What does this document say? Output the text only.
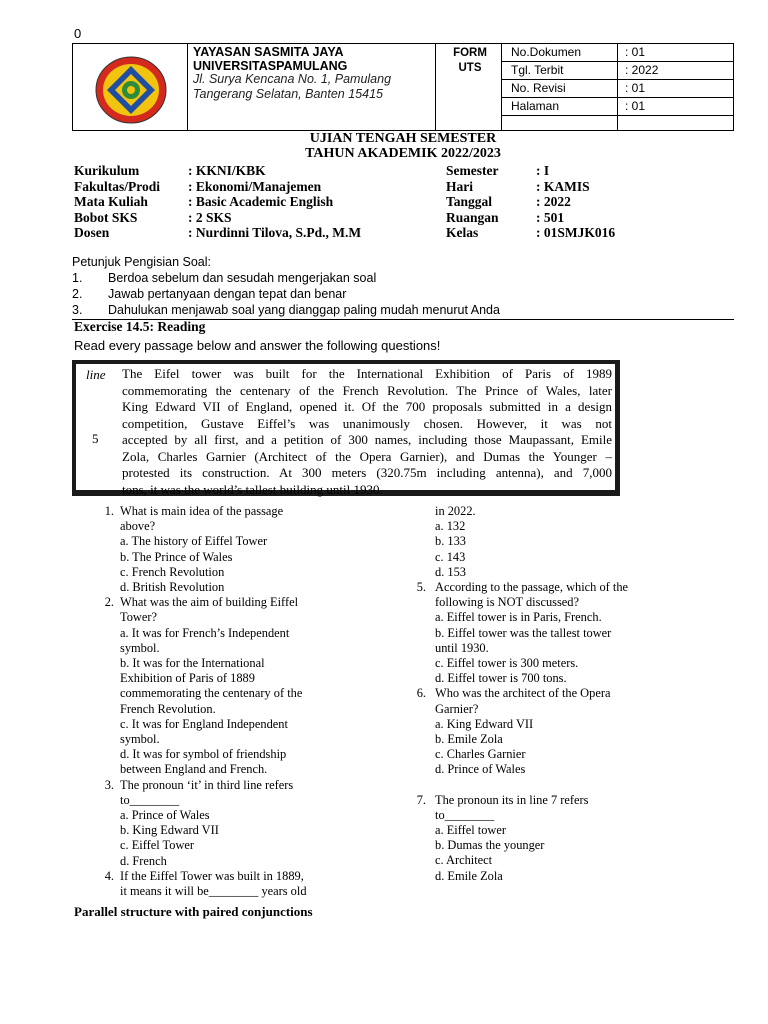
0
YAYASAN SASMITA JAYA
UNIVERSITASPAMULANG
Jl. Surya Kencana No. 1, Pamulang
Tangerang Selatan, Banten 15415
FORM
UTS
No.Dokumen	: 01
Tgl. Terbit	: 2022
No. Revisi	: 01
Halaman	: 01
UJIAN TENGAH SEMESTER
TAHUN AKADEMIK 2022/2023
Kurikulum	: KKNI/KBK
Fakultas/Prodi : Ekonomi/Manajemen
Mata Kuliah	: Basic Academic English
Bobot SKS	: 2 SKS
Dosen	: Nurdinni Tilova, S.Pd., M.M
Semester	: I
Hari	: KAMIS
Tanggal	: 2022
Ruangan	: 501
Kelas	: 01SMJK016
Petunjuk Pengisian Soal:
1. Berdoa sebelum dan sesudah mengerjakan soal
2. Jawab pertanyaan dengan tepat dan benar
3. Dahulukan menjawab soal yang dianggap paling mudah menurut Anda
Exercise 14.5: Reading
Read every passage below and answer the following questions!
line
5
The Eifel tower was built for the International Exhibition of Paris of 1989
commemorating the centenary of the French Revolution. The Prince of Wales, later
King Edward VII of England, opened it. Of the 700 proposals submitted in a design
competition, Gustave Eiffel’s was unanimously chosen. However, it was not
accepted by all first, and a petition of 300 names, including those Maupassant, Emile
Zola, Charles Garnier (Architect of the Opera Garnier), and Dumas the Younger –
protested its construction. At 300 meters (320.75m including antenna), and 7,000
tons, it was the world’s tallest building until 1930.
1. What is main idea of the passage
above?
a. The history of Eiffel Tower
b. The Prince of Wales
c. French Revolution
d. British Revolution
2. What was the aim of building Eiffel
Tower?
a. It was for French’s Independent
symbol.
b. It was for the International
Exhibition of Paris of 1889
commemorating the centenary of the
French Revolution.
c. It was for England Independent
symbol.
d. It was for symbol of friendship
between England and French.
3. The pronoun ‘it’ in third line refers
to________
a. Prince of Wales
b. King Edward VII
c. Eiffel Tower
d. French
4. If the Eiffel Tower was built in 1889,
it means it will be________ years old
in 2022.
a. 132
b. 133
c. 143
d. 153
5. According to the passage, which of the
following is NOT discussed?
a. Eiffel tower is in Paris, French.
b. Eiffel tower was the tallest tower
until 1930.
c. Eiffel tower is 300 meters.
d. Eiffel tower is 700 tons.
6. Who was the architect of the Opera
Garnier?
a. King Edward VII
b. Emile Zola
c. Charles Garnier
d. Prince of Wales
7. The pronoun its in line 7 refers
to________
a. Eiffel tower
b. Dumas the younger
c. Architect
d. Emile Zola
Parallel structure with paired conjunctions
